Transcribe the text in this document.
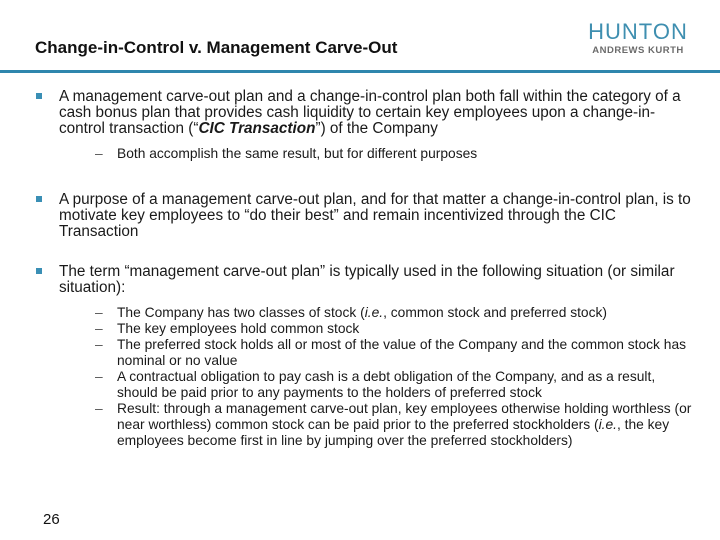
Change-in-Control v. Management Carve-Out
HUNTON
ANDREWS KURTH
A management carve-out plan and a change-in-control plan both fall within the category of a cash bonus plan that provides cash liquidity to certain key employees upon a change-in-control transaction (“CIC Transaction”) of the Company
– Both accomplish the same result, but for different purposes
A purpose of a management carve-out plan, and for that matter a change-in-control plan, is to motivate key employees to “do their best” and remain incentivized through the CIC Transaction
The term “management carve-out plan” is typically used in the following situation (or similar situation):
– The Company has two classes of stock (i.e., common stock and preferred stock)
– The key employees hold common stock
– The preferred stock holds all or most of the value of the Company and the common stock has nominal or no value
– A contractual obligation to pay cash is a debt obligation of the Company, and as a result, should be paid prior to any payments to the holders of preferred stock
– Result: through a management carve-out plan, key employees otherwise holding worthless (or near worthless) common stock can be paid prior to the preferred stockholders (i.e., the key employees become first in line by jumping over the preferred stockholders)
26
